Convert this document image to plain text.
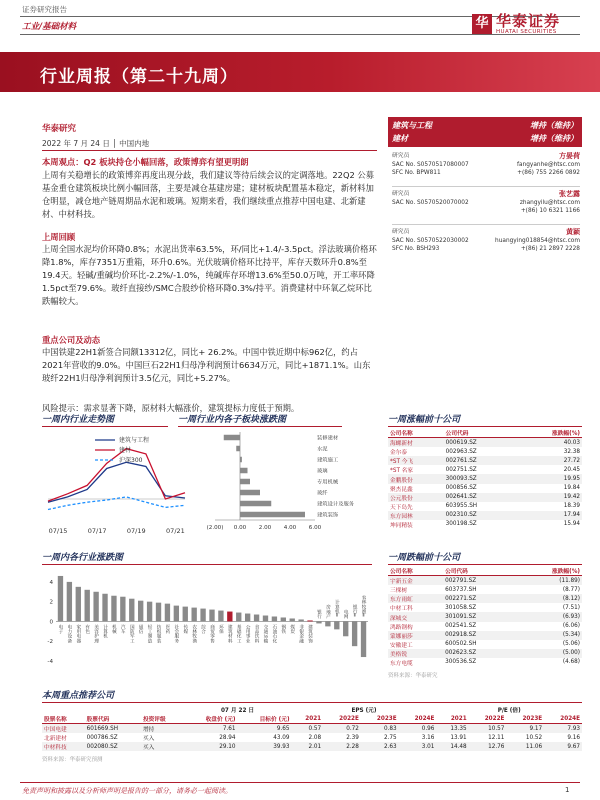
证券研究报告
工业/基础材料	华 华泰证券
HUATAI SECURITIES
行业周报（第二十九周）
华泰研究
2022 年 7 月 24 日 │ 中国内地
本周观点：Q2 板块持仓小幅回落，政策博弈有望更明朗
上周有关稳增长的政策博弈再度出现分歧，我们建议等待后续会议的定调落地。22Q2 公募基金重仓建筑板块比例小幅回落，主要是减仓基建房建；建材板块配置基本稳定，新材料加仓明显，减仓地产链周期品水泥和玻璃。短期来看，我们继续重点推荐中国电建、北新建材、中材科技。
上周回顾
上周全国水泥均价环降0.8%；水泥出货率63.5%，环/同比+1.4/-3.5pct。浮法玻璃价格环降1.8%，库存7351万重箱，环升0.6%。光伏玻璃价格环比持平，库存天数环升0.8%至19.4天。轻碱/重碱均价环比-2.2%/-1.0%，纯碱库存环增13.6%至50.0万吨，开工率环降1.5pct至79.6%。玻纤直接纱/SMC合股纱价格环降0.3%/持平。消费建材中环氧乙烷环比跌幅较大。
重点公司及动态
中国铁建22H1新签合同额13312亿，同比+ 26.2%。中国中铁近期中标962亿，约占2021年营收的9.0%。中国巨石22H1归母净利润预计6634万元，同比+1871.1%。山东玻纤22H1归母净利润预计3.5亿元，同比+5.27%。
风险提示：需求显著下降，原材料大幅涨价，建筑提标力度低于预期。
建筑与工程	增持（维持）
建材	增持（维持）
研究员	方晏荷
SAC No. S0570517080007	fangyanhe@htsc.com
SFC No. BPW811	+(86) 755 2266 0892
研究员	张艺露
SAC No. S0570520070002	zhangyilu@htsc.com
+(86) 10 6321 1166
研究员	黄颖
SAC No. S0570522030002	huangying018854@htsc.com
SFC No. BSH293	+(86) 21 2897 2228
一周内行业走势图	一周行业内各子板块涨跌图	一周涨幅前十公司
07/15	07/17	07/19	07/21
建筑与工程
建材
沪深300
装修建材
水泥
建筑施工
玻璃
专用机械
玻纤
建筑设计及服务
建筑装饰
(2.00) 0.00 2.00 4.00 6.00
公司名称	公司代码	涨跌幅(%)
海螺新材	000619.SZ	40.03
金尔泰	002963.SZ	32.38
*ST 今飞	002761.SZ	27.72
*ST 名家	002751.SZ	20.45
金鹏股份	300093.SZ	19.95
聚杰昆鑫	000856.SZ	19.84
公元股份	002641.SZ	19.42
天下岛先	603955.SH	18.39
东方园林	002310.SZ	17.94
坤同精装	300198.SZ	15.94
一周内各行业涨跌图	一周跌幅前十公司
-4
-2
0
2
4
电子 电力设备 家用电器 有色 美容护理 计算机 机械 汽车 国防军工 通信 轻工制造 纺织服装 医药 社会服务 传媒 农林牧渔 综合 商贸零售 环保 建筑材料 基础化工 公用事业 食品饮料 交通运输 石油石化 钢铁 煤炭 非银金融 建筑装饰
银行 房地产 计算机Ⅱ 电网 银行Ⅱ 农林牧渔Ⅱ
公司名称	公司代码	涨跌幅(%)
宇新五金	002791.SZ	(11.89)
三棵树	603737.SH	(8.77)
东方雨虹	002271.SZ	(8.12)
中材工科	301058.SZ	(7.51)
深城交	301091.SZ	(6.93)
鸿路钢构	002541.SZ	(6.06)
蒙娜丽莎	002918.SZ	(5.34)
安徽建工	600502.SH	(5.06)
美格锐	002623.SZ	(5.00)
东方电缆	300536.SZ	(4.68)
资料来源：华泰研究
本周重点推荐公司
			07 月 22 日		EPS (元)				P/E (倍)			
股票名称	股票代码	投资评级	收盘价 (元)	目标价 (元)	2021	2022E	2023E	2024E	2021	2022E	2023E	2024E
中国电建	601669.SH	增持	7.61	9.65	0.57	0.72	0.83	0.96	13.35	10.57	9.17	7.93
北新建材	000786.SZ	买入	28.94	43.09	2.08	2.39	2.75	3.16	13.91	12.11	10.52	9.16
中材科技	002080.SZ	买入	29.10	39.93	2.01	2.28	2.63	3.01	14.48	12.76	11.06	9.67
资料来源：华泰研究预测
免责声明和披露以及分析师声明是报告的一部分，请务必一起阅读。	1
